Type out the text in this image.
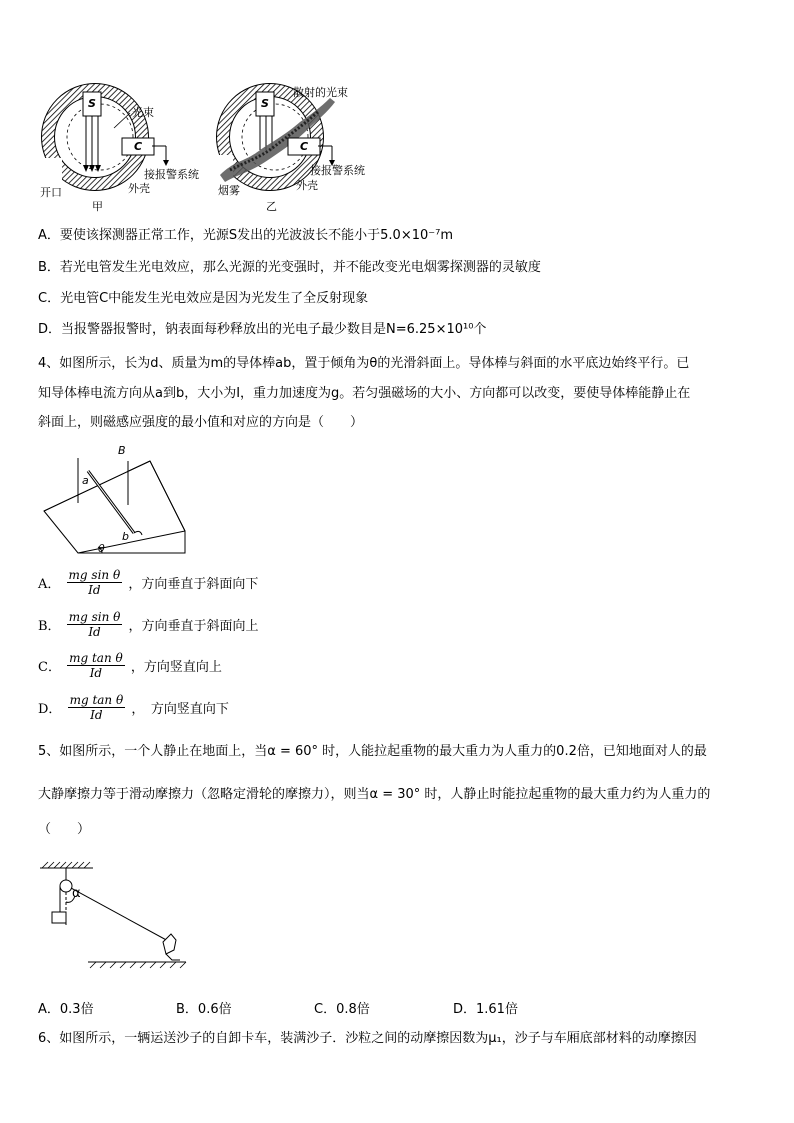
S
C
光束
接报警系统
开口	外壳
甲
S
C
散射的光束
接报警系统
烟雾	外壳
乙
A．要使该探测器正常工作，光源S发出的光波波长不能小于5.0×10⁻⁷m
B．若光电管发生光电效应，那么光源的光变强时，并不能改变光电烟雾探测器的灵敏度
C．光电管C中能发生光电效应是因为光发生了全反射现象
D．当报警器报警时，钠表面每秒释放出的光电子最少数目是N=6.25×10¹⁰个
4、如图所示，长为d、质量为m的导体棒ab，置于倾角为θ的光滑斜面上。导体棒与斜面的水平底边始终平行。已
知导体棒电流方向从a到b，大小为I，重力加速度为g。若匀强磁场的大小、方向都可以改变，要使导体棒能静止在
斜面上，则磁感应强度的最小值和对应的方向是（　　）
B
a
b
θ
A． $\frac{\text{mg sin θ}}{Id}$ ，方向垂直于斜面向下
B． $\frac{\text{mg sin θ}}{Id}$ ，方向垂直于斜面向上
C． $\frac{\text{mg tan θ}}{Id}$ ，方向竖直向上
D． $\frac{\text{mg tan θ}}{Id}$ ，　方向竖直向下
5、如图所示，一个人静止在地面上，当α = 60° 时，人能拉起重物的最大重力为人重力的0.2倍，已知地面对人的最
大静摩擦力等于滑动摩擦力（忽略定滑轮的摩擦力），则当α = 30° 时，人静止时能拉起重物的最大重力约为人重力的
（　　）
α
A．0.3倍	B．0.6倍	C．0.8倍	D．1.61倍
6、如图所示，一辆运送沙子的自卸卡车，装满沙子．沙粒之间的动摩擦因数为μ₁，沙子与车厢底部材料的动摩擦因
